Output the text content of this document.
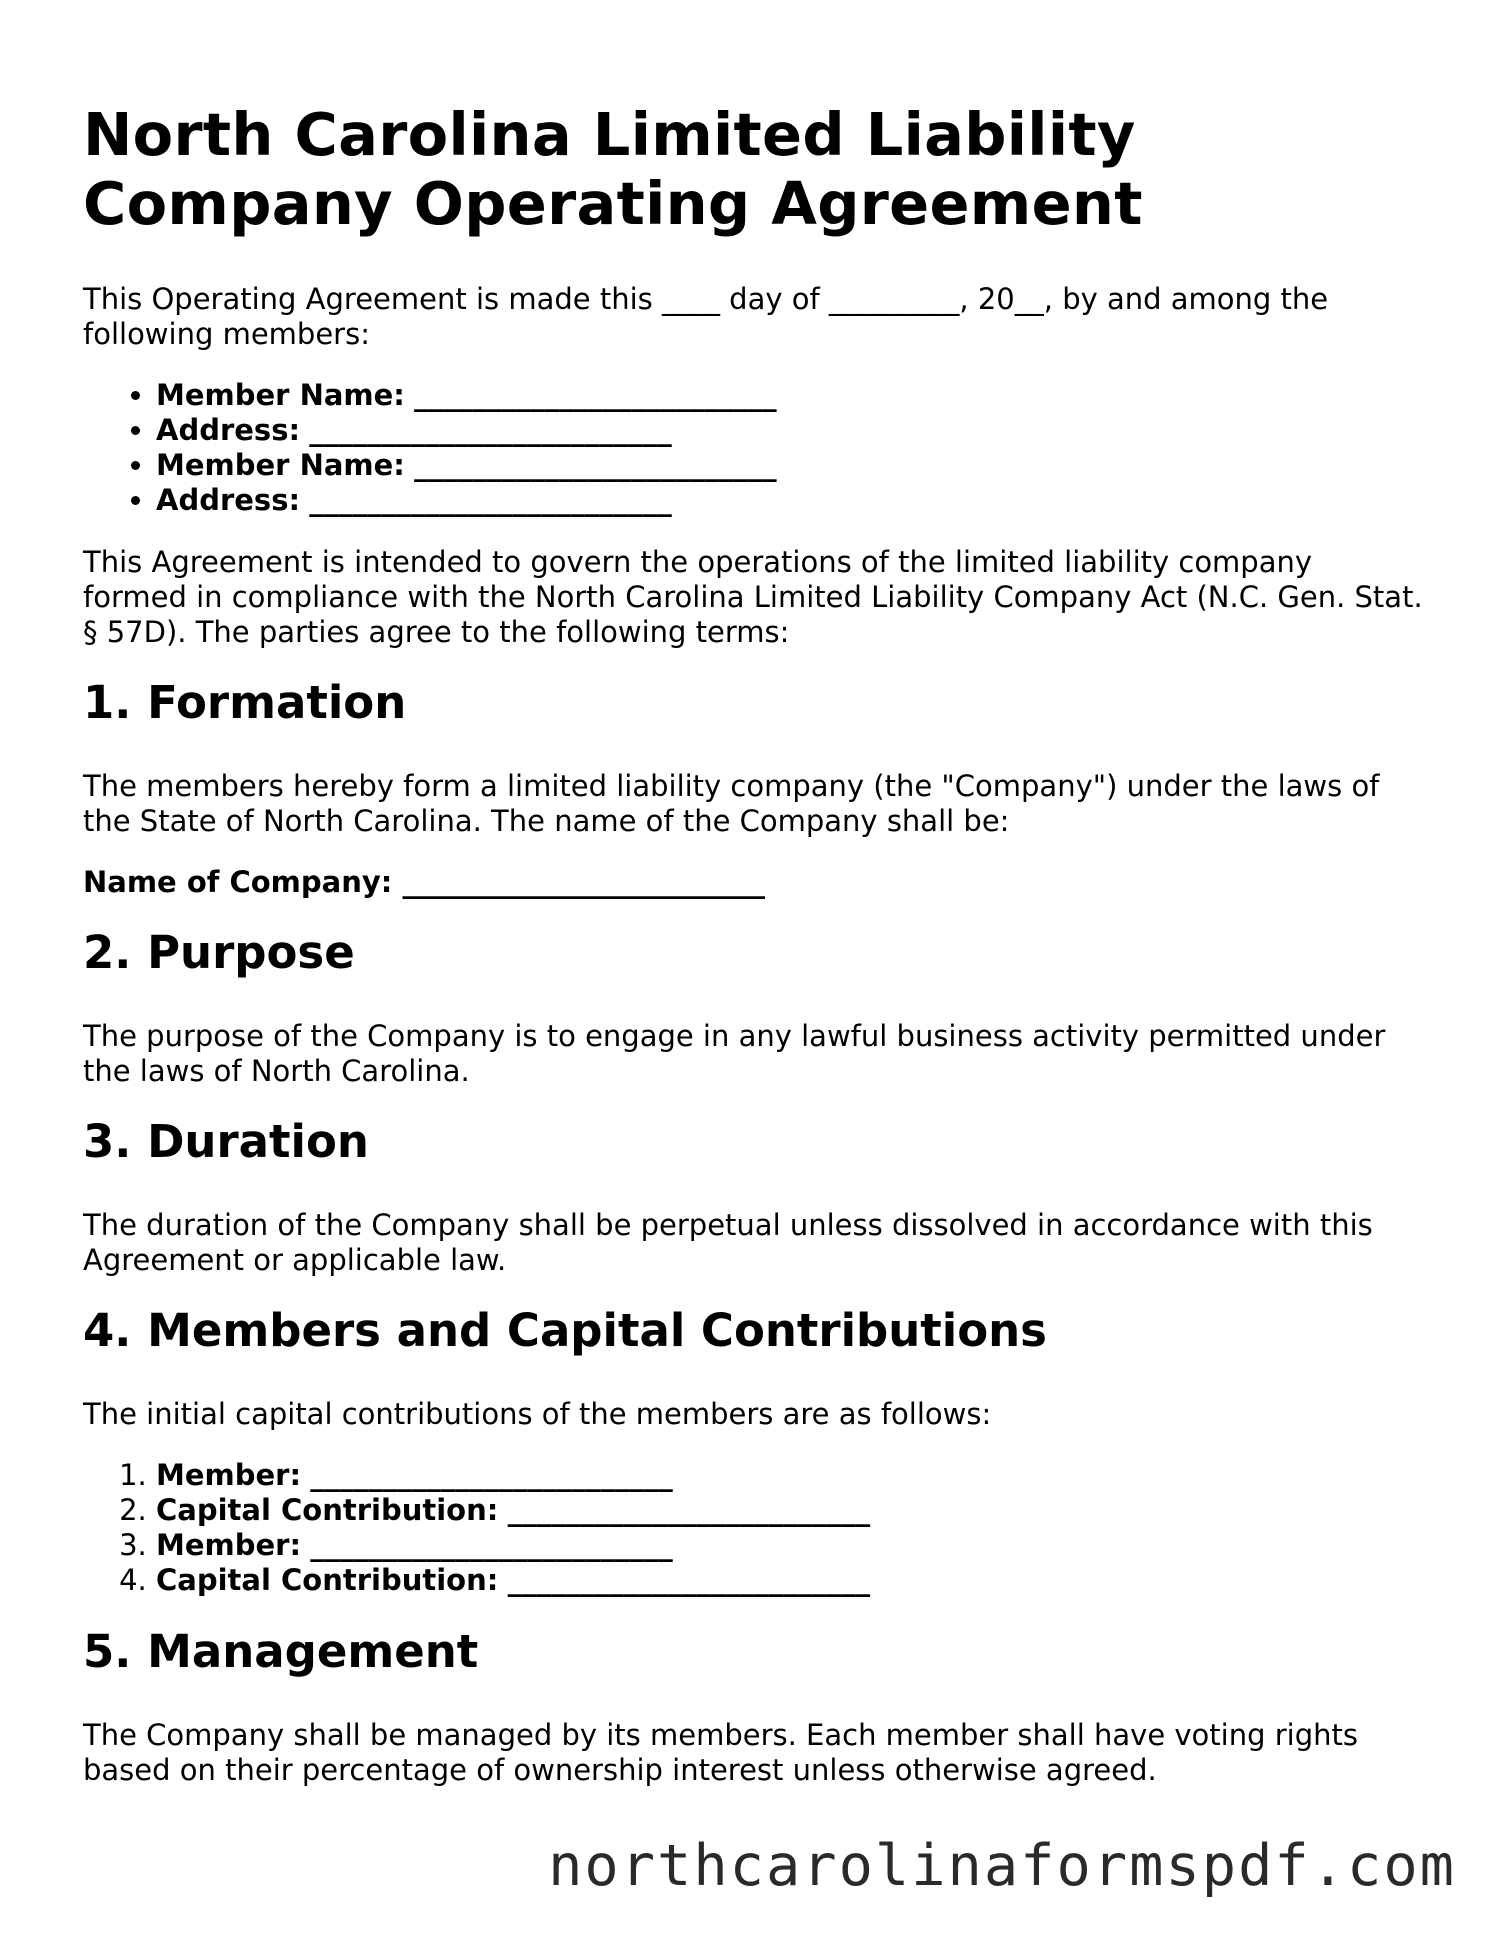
North Carolina Limited Liability Company Operating Agreement

This Operating Agreement is made this ____ day of _________, 20__, by and among the following members:

• Member Name: _________________________
• Address: _________________________
• Member Name: _________________________
• Address: _________________________

This Agreement is intended to govern the operations of the limited liability company formed in compliance with the North Carolina Limited Liability Company Act (N.C. Gen. Stat. § 57D). The parties agree to the following terms:

1. Formation

The members hereby form a limited liability company (the "Company") under the laws of the State of North Carolina. The name of the Company shall be:

Name of Company: _________________________

2. Purpose

The purpose of the Company is to engage in any lawful business activity permitted under the laws of North Carolina.

3. Duration

The duration of the Company shall be perpetual unless dissolved in accordance with this Agreement or applicable law.

4. Members and Capital Contributions

The initial capital contributions of the members are as follows:

1. Member: _________________________
2. Capital Contribution: _________________________
3. Member: _________________________
4. Capital Contribution: _________________________
5. Management

The Company shall be managed by its members. Each member shall have voting rights based on their percentage of ownership interest unless otherwise agreed.

northcarolinaformspdf.com
